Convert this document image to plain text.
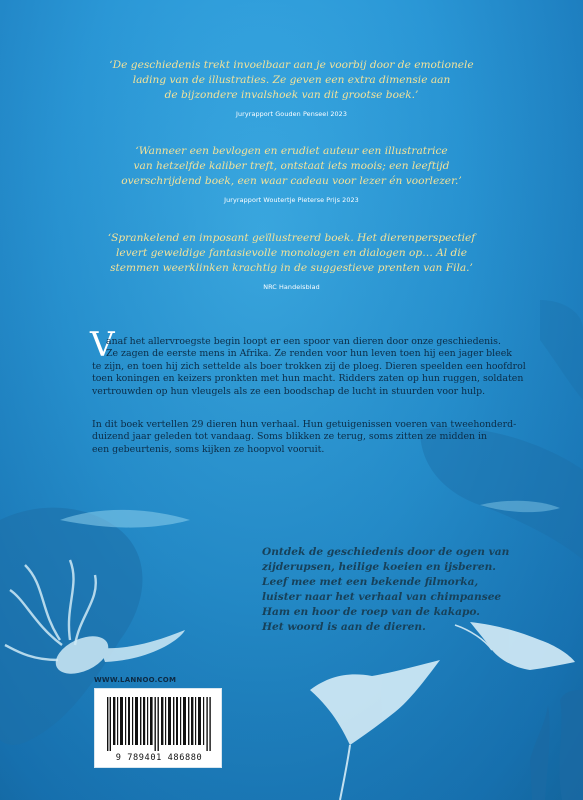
‘De geschiedenis trekt invoelbaar aan je voorbij door de emotionele
lading van de illustraties. Ze geven een extra dimensie aan
de bijzondere invalshoek van dit grootse boek.’
Juryrapport Gouden Penseel 2023
‘Wanneer een bevlogen en erudiet auteur een illustratrice
van hetzelfde kaliber treft, ontstaat iets moois; een leeftijd
overschrijdend boek, een waar cadeau voor lezer én voorlezer.’
Juryrapport Woutertje Pieterse Prijs 2023
‘Sprankelend en imposant geïllustreerd boek. Het dierenperspectief
levert geweldige fantasievolle monologen en dialogen op… Al die
stemmen weerklinken krachtig in de suggestieve prenten van Fila.’
NRC Handelsblad
V
anaf het allervroegste begin loopt er een spoor van dieren door onze geschiedenis.
Ze zagen de eerste mens in Afrika. Ze renden voor hun leven toen hij een jager bleek
te zijn, en toen hij zich settelde als boer trokken zij de ploeg. Dieren speelden een hoofdrol
toen koningen en keizers pronkten met hun macht. Ridders zaten op hun ruggen, soldaten
vertrouwden op hun vleugels als ze een boodschap de lucht in stuurden voor hulp.
In dit boek vertellen 29 dieren hun verhaal. Hun getuigenissen voeren van tweehonderd-
duizend jaar geleden tot vandaag. Soms blikken ze terug, soms zitten ze midden in
een gebeurtenis, soms kijken ze hoopvol vooruit.
Ontdek de geschiedenis door de ogen van
zijderupsen, heilige koeien en ijsberen.
Leef mee met een bekende filmorka,
luister naar het verhaal van chimpansee
Ham en hoor de roep van de kakapo.
Het woord is aan de dieren.
WWW.LANNOO.COM
9 789401 486880
